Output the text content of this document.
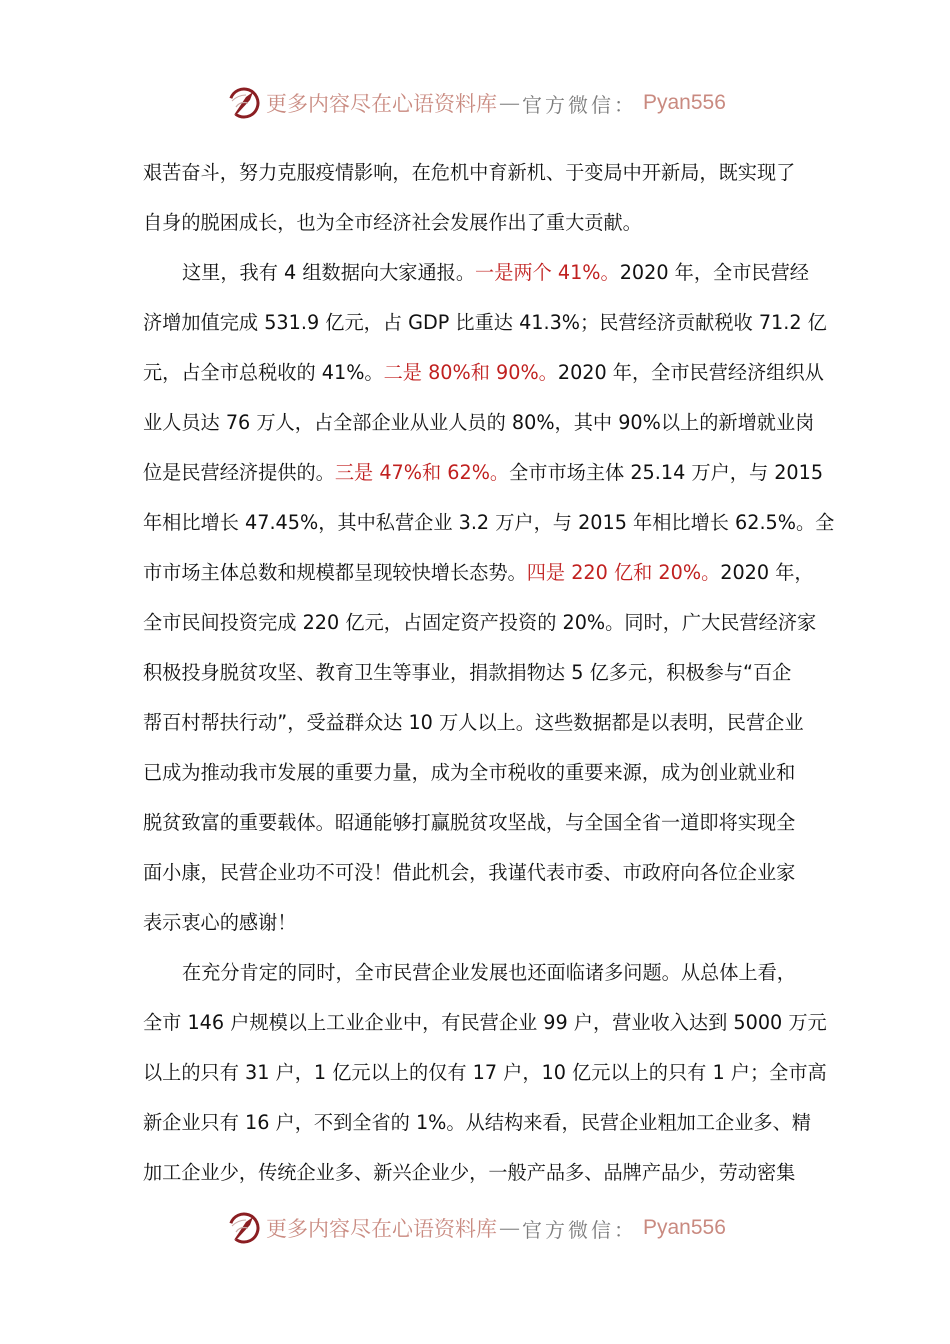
更多内容尽在心语资料库 — 官方微信： Pyan556
艰苦奋斗，努力克服疫情影响，在危机中育新机、于变局中开新局，既实现了
自身的脱困成长，也为全市经济社会发展作出了重大贡献。
这里，我有 4 组数据向大家通报。一是两个 41%。2020 年，全市民营经
济增加值完成 531.9 亿元，占 GDP 比重达 41.3%；民营经济贡献税收 71.2 亿
元，占全市总税收的 41%。二是 80%和 90%。2020 年，全市民营经济组织从
业人员达 76 万人，占全部企业从业人员的 80%，其中 90%以上的新增就业岗
位是民营经济提供的。三是 47%和 62%。全市市场主体 25.14 万户，与 2015
年相比增长 47.45%，其中私营企业 3.2 万户，与 2015 年相比增长 62.5%。全
市市场主体总数和规模都呈现较快增长态势。四是 220 亿和 20%。2020 年，
全市民间投资完成 220 亿元，占固定资产投资的 20%。同时，广大民营经济家
积极投身脱贫攻坚、教育卫生等事业，捐款捐物达 5 亿多元，积极参与“百企
帮百村帮扶行动”，受益群众达 10 万人以上。这些数据都是以表明，民营企业
已成为推动我市发展的重要力量，成为全市税收的重要来源，成为创业就业和
脱贫致富的重要载体。昭通能够打赢脱贫攻坚战，与全国全省一道即将实现全
面小康，民营企业功不可没！借此机会，我谨代表市委、市政府向各位企业家
表示衷心的感谢！
在充分肯定的同时，全市民营企业发展也还面临诸多问题。从总体上看，
全市 146 户规模以上工业企业中，有民营企业 99 户，营业收入达到 5000 万元
以上的只有 31 户，1 亿元以上的仅有 17 户，10 亿元以上的只有 1 户；全市高
新企业只有 16 户，不到全省的 1%。从结构来看，民营企业粗加工企业多、精
加工企业少，传统企业多、新兴企业少，一般产品多、品牌产品少，劳动密集
更多内容尽在心语资料库 — 官方微信： Pyan556
